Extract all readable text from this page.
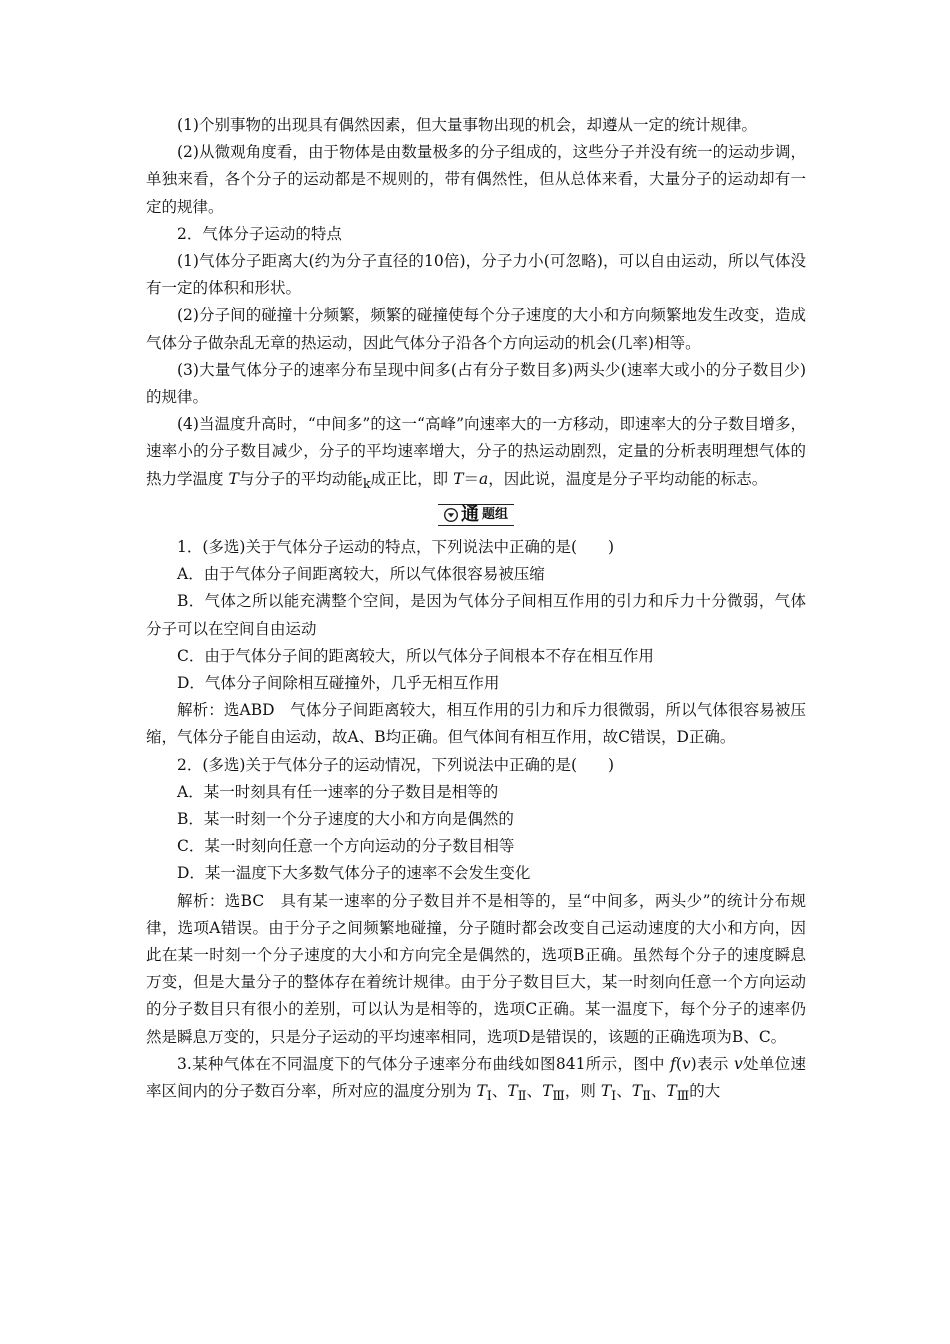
(1)个别事物的出现具有偶然因素，但大量事物出现的机会，却遵从一定的统计规律。

(2)从微观角度看，由于物体是由数量极多的分子组成的，这些分子并没有统一的运动步调，单独来看，各个分子的运动都是不规则的，带有偶然性，但从总体来看，大量分子的运动却有一定的规律。

2．气体分子运动的特点

(1)气体分子距离大(约为分子直径的10倍)，分子力小(可忽略)，可以自由运动，所以气体没有一定的体积和形状。

(2)分子间的碰撞十分频繁，频繁的碰撞使每个分子速度的大小和方向频繁地发生改变，造成气体分子做杂乱无章的热运动，因此气体分子沿各个方向运动的机会(几率)相等。

(3)大量气体分子的速率分布呈现中间多(占有分子数目多)两头少(速率大或小的分子数目少)的规律。

(4)当温度升高时，“中间多”的这一“高峰”向速率大的一方移动，即速率大的分子数目增多，速率小的分子数目减少，分子的平均速率增大，分子的热运动剧烈，定量的分析表明理想气体的热力学温度 T与分子的平均动能$_k$成正比，即 T＝a，因此说，温度是分子平均动能的标志。

通 题组

1．(多选)关于气体分子运动的特点，下列说法中正确的是(　　)

A．由于气体分子间距离较大，所以气体很容易被压缩

B．气体之所以能充满整个空间，是因为气体分子间相互作用的引力和斥力十分微弱，气体分子可以在空间自由运动

C．由于气体分子间的距离较大，所以气体分子间根本不存在相互作用

D．气体分子间除相互碰撞外，几乎无相互作用

解析：选ABD　气体分子间距离较大，相互作用的引力和斥力很微弱，所以气体很容易被压缩，气体分子能自由运动，故A、B均正确。但气体间有相互作用，故C错误，D正确。

2．(多选)关于气体分子的运动情况，下列说法中正确的是(　　)

A．某一时刻具有任一速率的分子数目是相等的

B．某一时刻一个分子速度的大小和方向是偶然的

C．某一时刻向任意一个方向运动的分子数目相等

D．某一温度下大多数气体分子的速率不会发生变化

解析：选BC　具有某一速率的分子数目并不是相等的，呈“中间多，两头少”的统计分布规律，选项A错误。由于分子之间频繁地碰撞，分子随时都会改变自己运动速度的大小和方向，因此在某一时刻一个分子速度的大小和方向完全是偶然的，选项B正确。虽然每个分子的速度瞬息万变，但是大量分子的整体存在着统计规律。由于分子数目巨大，某一时刻向任意一个方向运动的分子数目只有很小的差别，可以认为是相等的，选项C正确。某一温度下，每个分子的速率仍然是瞬息万变的，只是分子运动的平均速率相同，选项D是错误的，该题的正确选项为B、C。

3.某种气体在不同温度下的气体分子速率分布曲线如图841所示，图中 f(v)表示 v处单位速率区间内的分子数百分率，所对应的温度分别为 $T_Ⅰ$、$T_Ⅱ$、$T_Ⅲ$，则 $T_Ⅰ$、$T_Ⅱ$、$T_Ⅲ$的大
